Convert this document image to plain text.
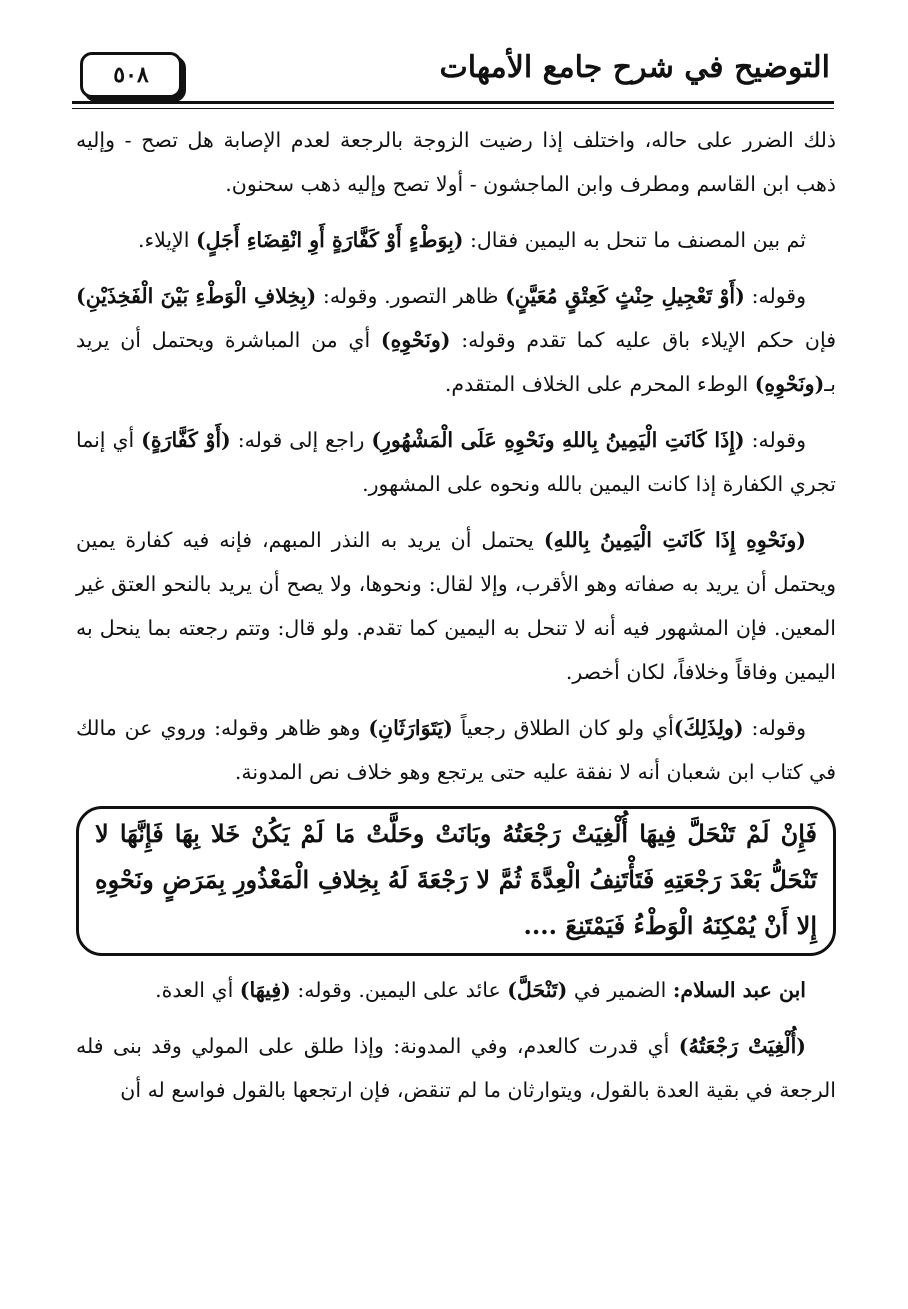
٥٠٨	التوضيح في شرح جامع الأمهات

ذلك الضرر على حاله، واختلف إذا رضيت الزوجة بالرجعة لعدم الإصابة هل تصح - وإليه ذهب ابن القاسم ومطرف وابن الماجشون - أولا تصح وإليه ذهب سحنون.

ثم بين المصنف ما تنحل به اليمين فقال: (بِوَطْءٍ أَوْ كَفَّارَةٍ أَوِ انْقِضَاءِ أَجَلٍ) الإيلاء.

وقوله: (أَوْ تَعْجِيلِ حِنْثٍ كَعِتْقٍ مُعَيَّنٍ) ظاهر التصور. وقوله: (بِخِلافِ الْوَطْءِ بَيْنَ الْفَخِذَيْنِ) فإن حكم الإيلاء باق عليه كما تقدم وقوله: (ونَحْوِهِ) أي من المباشرة ويحتمل أن يريد بـ(ونَحْوِهِ) الوطء المحرم على الخلاف المتقدم.

وقوله: (إِذَا كَانَتِ الْيَمِينُ بِاللهِ ونَحْوِهِ عَلَى الْمَشْهُورِ) راجع إلى قوله: (أَوْ كَفَّارَةٍ) أي إنما تجري الكفارة إذا كانت اليمين بالله ونحوه على المشهور.

(ونَحْوِهِ إِذَا كَانَتِ الْيَمِينُ بِاللهِ) يحتمل أن يريد به النذر المبهم، فإنه فيه كفارة يمين ويحتمل أن يريد به صفاته وهو الأقرب، وإلا لقال: ونحوها، ولا يصح أن يريد بالنحو العتق غير المعين. فإن المشهور فيه أنه لا تنحل به اليمين كما تقدم. ولو قال: وتتم رجعته بما ينحل به اليمين وفاقاً وخلافاً، لكان أخصر.

وقوله: (ولِذَلِكَ)أي ولو كان الطلاق رجعياً (يَتَوَارَثَانِ) وهو ظاهر وقوله: وروي عن مالك في كتاب ابن شعبان أنه لا نفقة عليه حتى يرتجع وهو خلاف نص المدونة.

فَإِنْ لَمْ تَنْحَلَّ فِيهَا أُلْغِيَتْ رَجْعَتُهُ وبَانَتْ وحَلَّتْ مَا لَمْ يَكُنْ خَلا بِهَا فَإِنَّهَا لا تَنْحَلُّ بَعْدَ رَجْعَتِهِ فَتَأْتَنِفُ الْعِدَّةَ ثُمَّ لا رَجْعَةَ لَهُ بِخِلافِ الْمَعْذُورِ بِمَرَضٍ ونَحْوِهِ إِلا أَنْ يُمْكِنَهُ الْوَطْءُ فَيَمْتَنِعَ ....

ابن عبد السلام: الضمير في (تَنْحَلَّ) عائد على اليمين. وقوله: (فِيهَا) أي العدة.

(أُلْغِيَتْ رَجْعَتُهُ) أي قدرت كالعدم، وفي المدونة: وإذا طلق على المولي وقد بنى فله الرجعة في بقية العدة بالقول، ويتوارثان ما لم تنقض، فإن ارتجعها بالقول فواسع له أن
